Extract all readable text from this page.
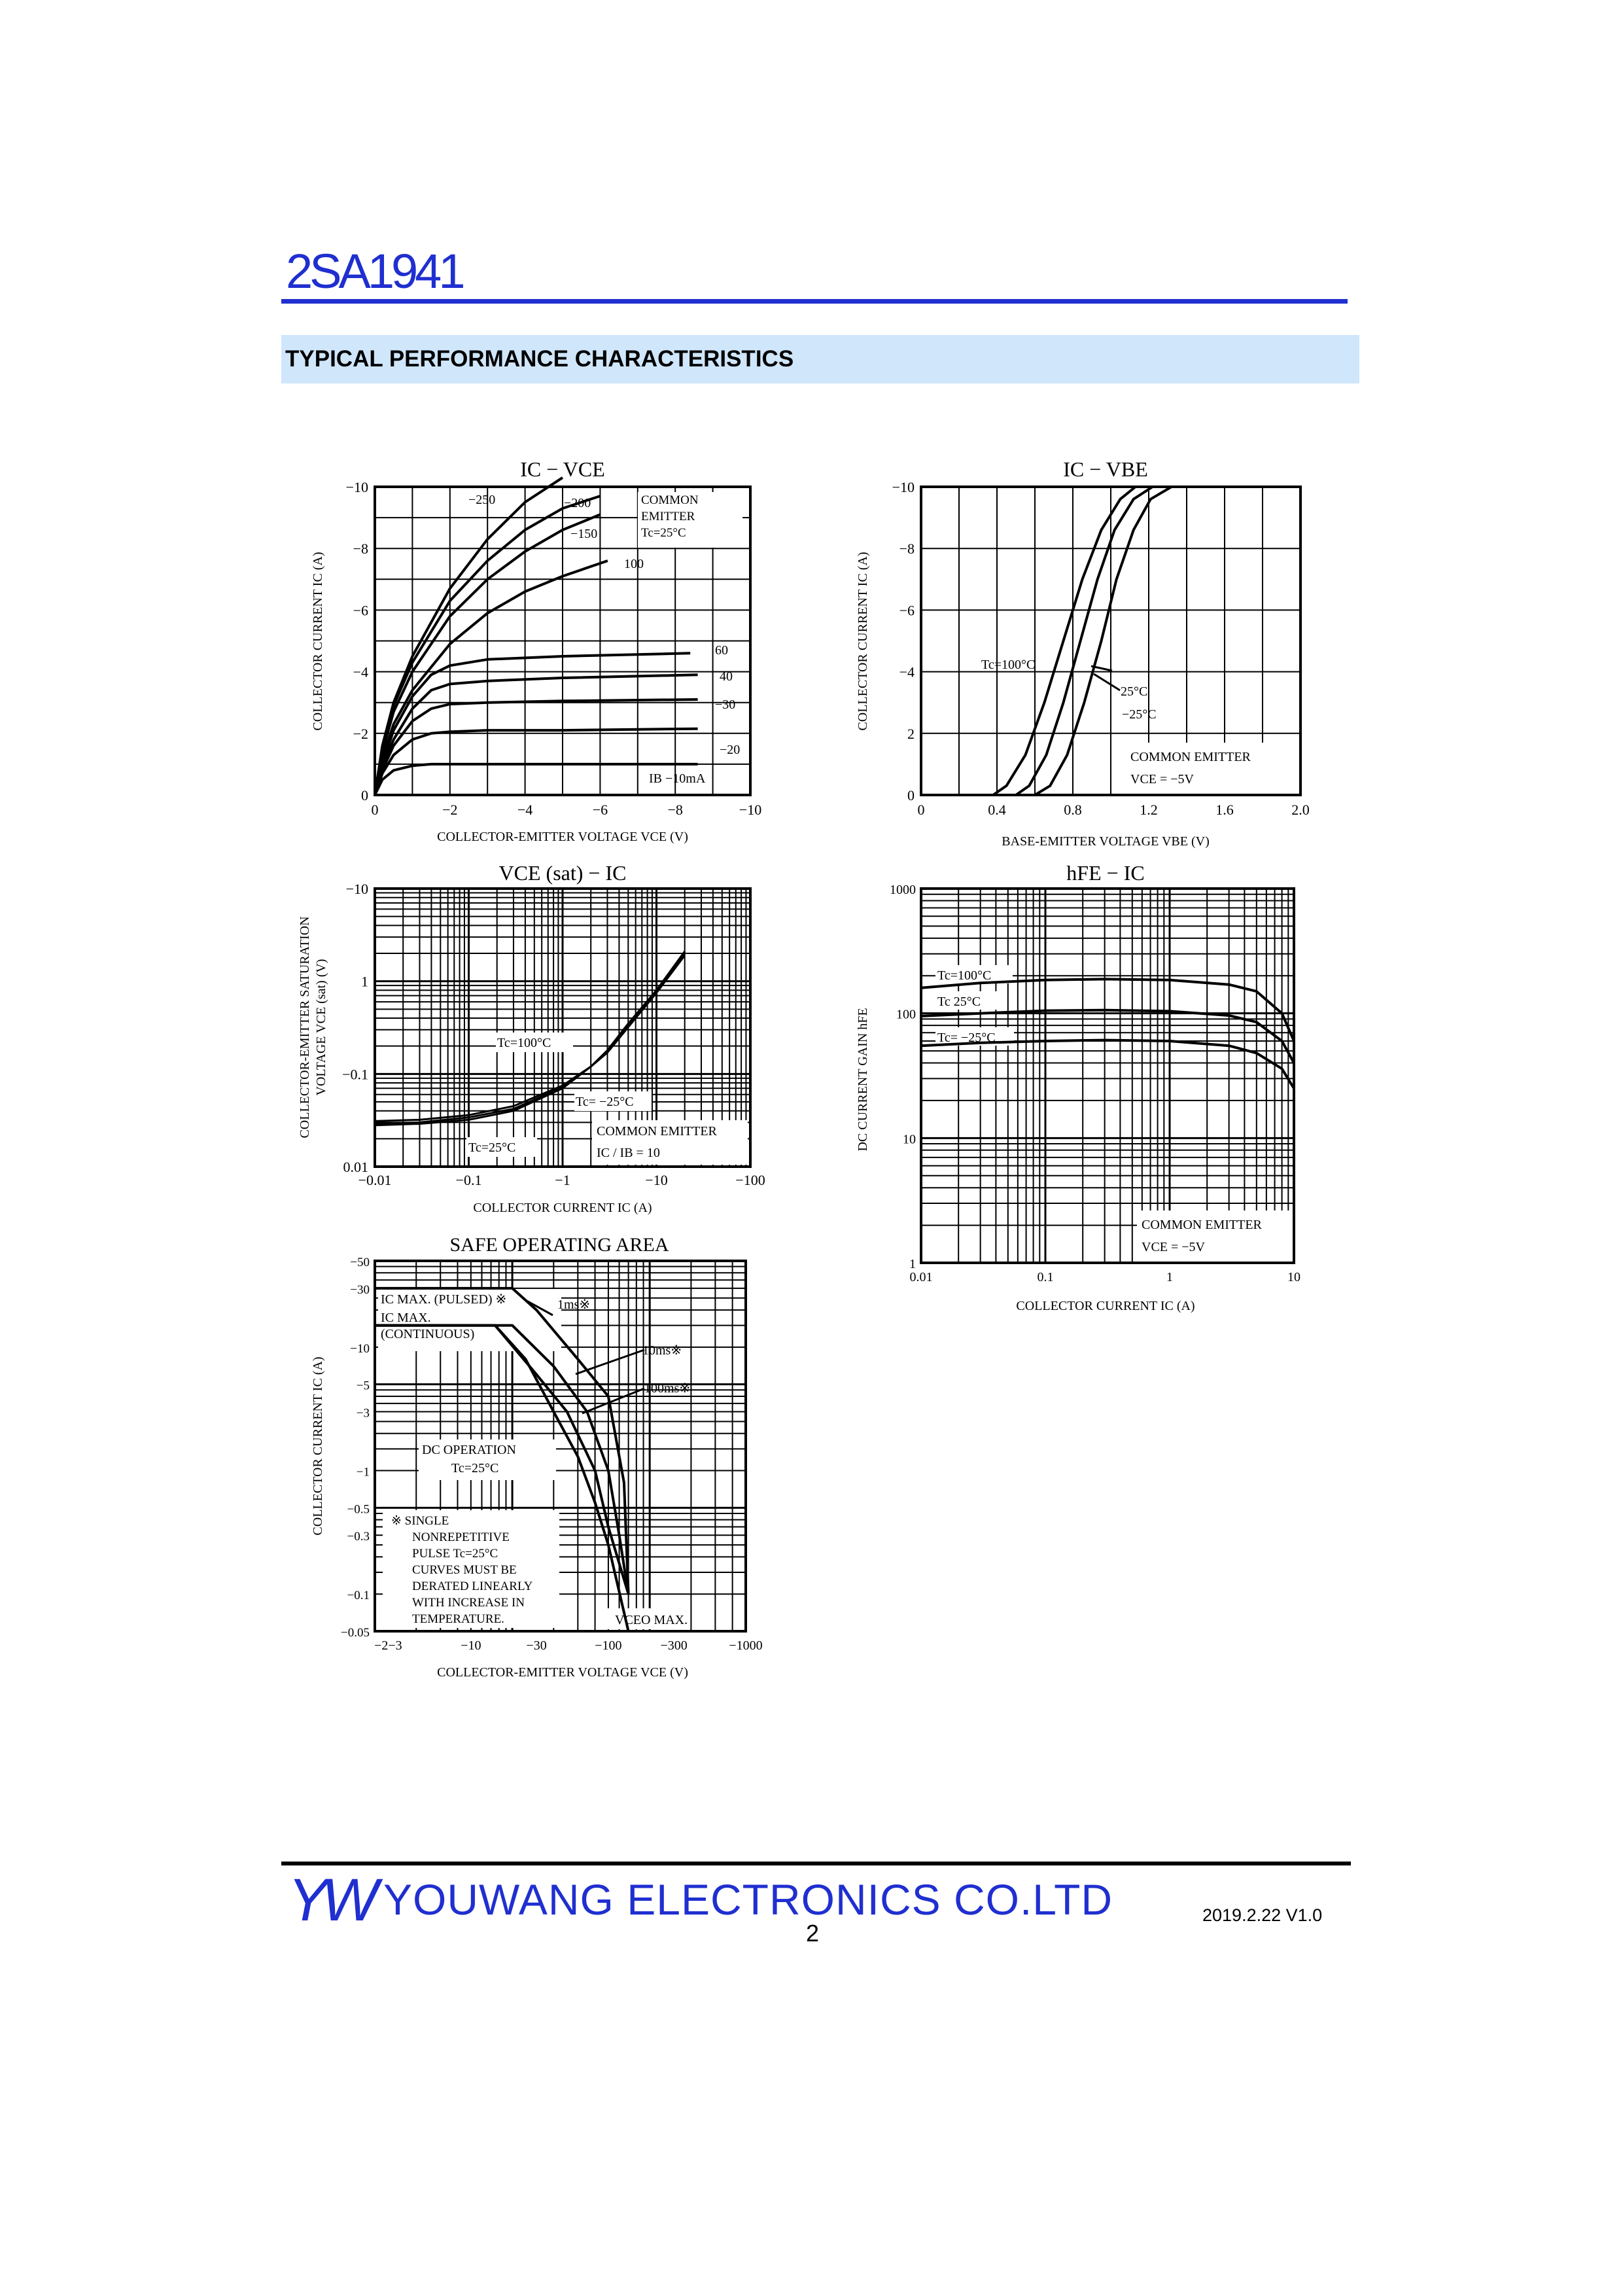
2SA1941
TYPICAL PERFORMANCE CHARACTERISTICS
0	−2	−4	−6	−8	−10
0
−2
−4
−6
−8
−10
IC − VCE
COLLECTOR-EMITTER VOLTAGE VCE (V)
COLLECTOR CURRENT IC (A)
COMMON
EMITTER
Tc=25°C
−250	−200
−150
100
60
40
−30
−20
IB −10mA
0	0.4	0.8	1.2	1.6	2.0
0
2
−4
−6
−8
−10
IC − VBE
BASE-EMITTER VOLTAGE VBE (V)
COLLECTOR CURRENT IC (A)
COMMON EMITTER
VCE = −5V
Tc=100°C
25°C
−25°C
−0.01	−0.1	−1	−10	−100
0.01
−0.1
1
−10
VCE (sat) − IC
COLLECTOR CURRENT IC (A)
COLLECTOR-EMITTER SATURATION VOLTAGE VCE (sat) (V)
COMMON EMITTER
IC / IB = 10
Tc=100°C
Tc= −25°C
Tc=25°C
0.01	0.1	1	10
1
10
100
1000
hFE − IC
COLLECTOR CURRENT IC (A)
DC CURRENT GAIN hFE
COMMON EMITTER
VCE = −5V
Tc=100°C
Tc 25°C
Tc= −25°C
−2−3	−10	−30	−100	−300	−1000
−0.05
−0.1
−0.3
−0.5
−1
−3
−5
−10
−30
−50
SAFE OPERATING AREA
COLLECTOR-EMITTER VOLTAGE VCE (V)
COLLECTOR CURRENT IC (A)
IC MAX. (PULSED) ※
IC MAX.
(CONTINUOUS)
1ms※
10ms※
100ms※
DC OPERATION
Tc=25°C
VCEO MAX.
※ SINGLE
NONREPETITIVE
PULSE Tc=25°C
CURVES MUST BE
DERATED LINEARLY
WITH INCREASE IN
TEMPERATURE.
YW YOUWANG ELECTRONICS CO.LTD	2019.2.22 V1.0
2
